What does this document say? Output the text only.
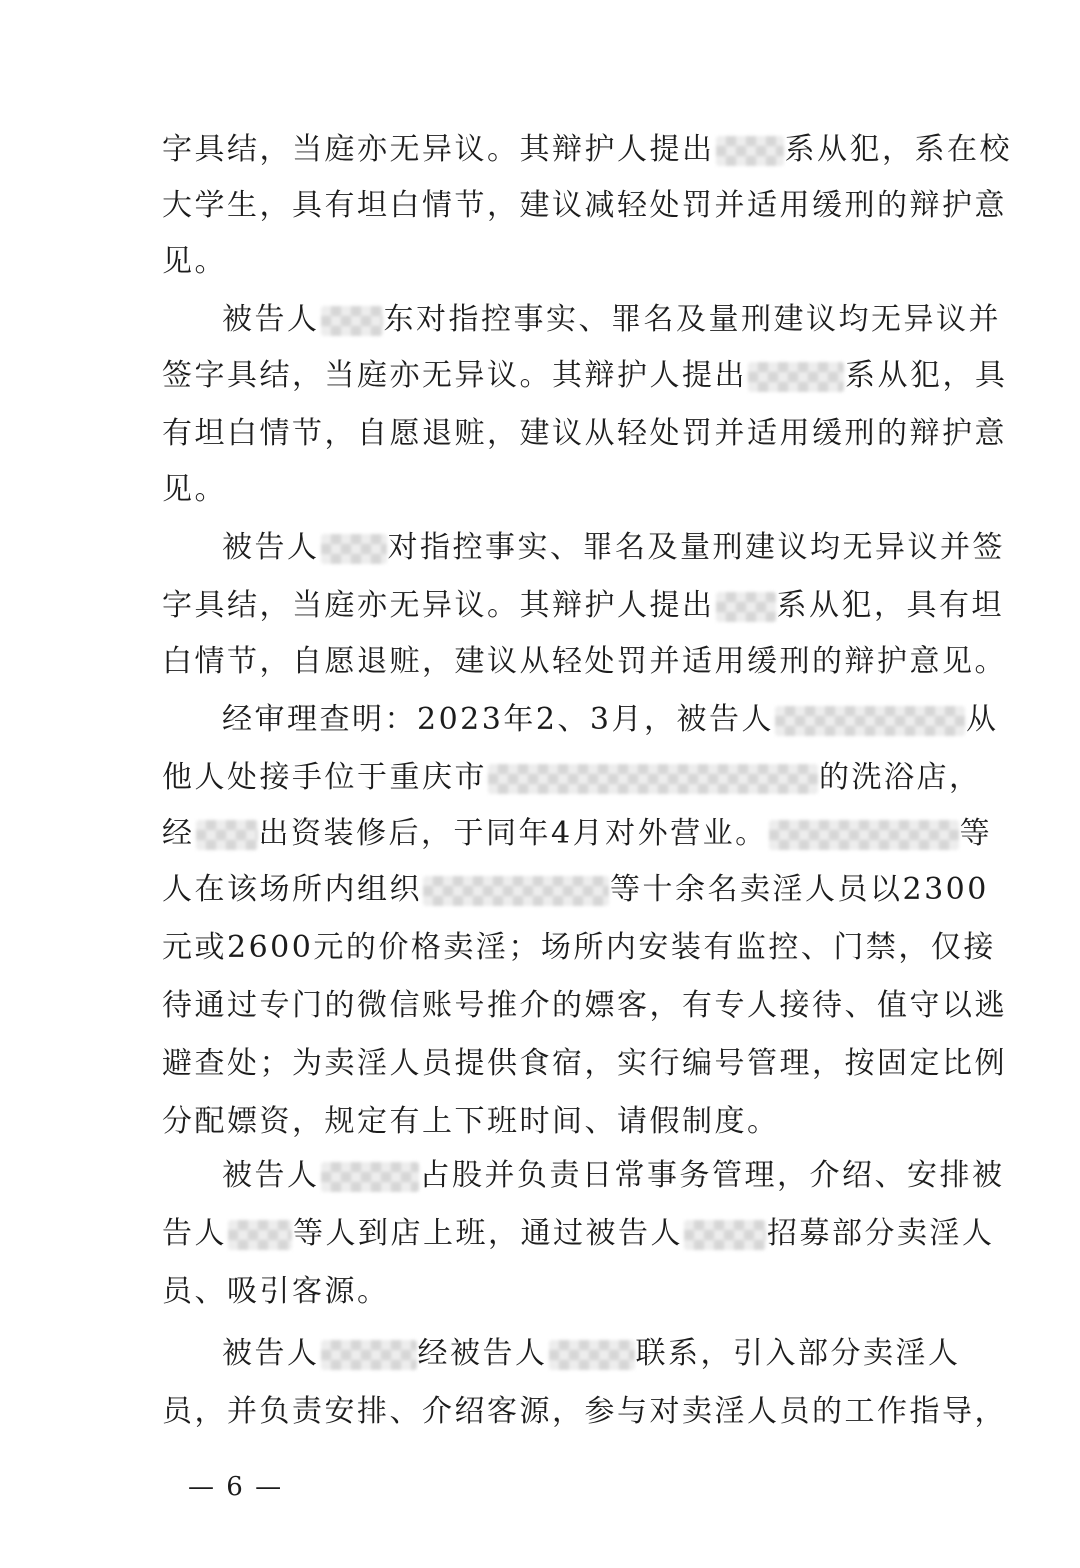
字具结，当庭亦无异议。其辩护人提出 系从犯，系在校
大学生，具有坦白情节，建议减轻处罚并适用缓刑的辩护意
见。
被告人 东对指控事实、罪名及量刑建议均无异议并
签字具结，当庭亦无异议。其辩护人提出	系从犯，具
有坦白情节，自愿退赃，建议从轻处罚并适用缓刑的辩护意
见。
被告人 对指控事实、罪名及量刑建议均无异议并签
字具结，当庭亦无异议。其辩护人提出 系从犯，具有坦
白情节，自愿退赃，建议从轻处罚并适用缓刑的辩护意见。
经审理查明：2023年2、3月，被告人	从
他人处接手位于重庆市	的洗浴店，
经 出资装修后，于同年4月对外营业。	等
人在该场所内组织	等十余名卖淫人员以2300
元或2600元的价格卖淫；场所内安装有监控、门禁，仅接
待通过专门的微信账号推介的嫖客，有专人接待、值守以逃
避查处；为卖淫人员提供食宿，实行编号管理，按固定比例
分配嫖资，规定有上下班时间、请假制度。
被告人	占股并负责日常事务管理，介绍、安排被
告人 等人到店上班，通过被告人	招募部分卖淫人
员、吸引客源。
被告人	经被告人	联系，引入部分卖淫人
员，并负责安排、介绍客源，参与对卖淫人员的工作指导，
— 6 —
